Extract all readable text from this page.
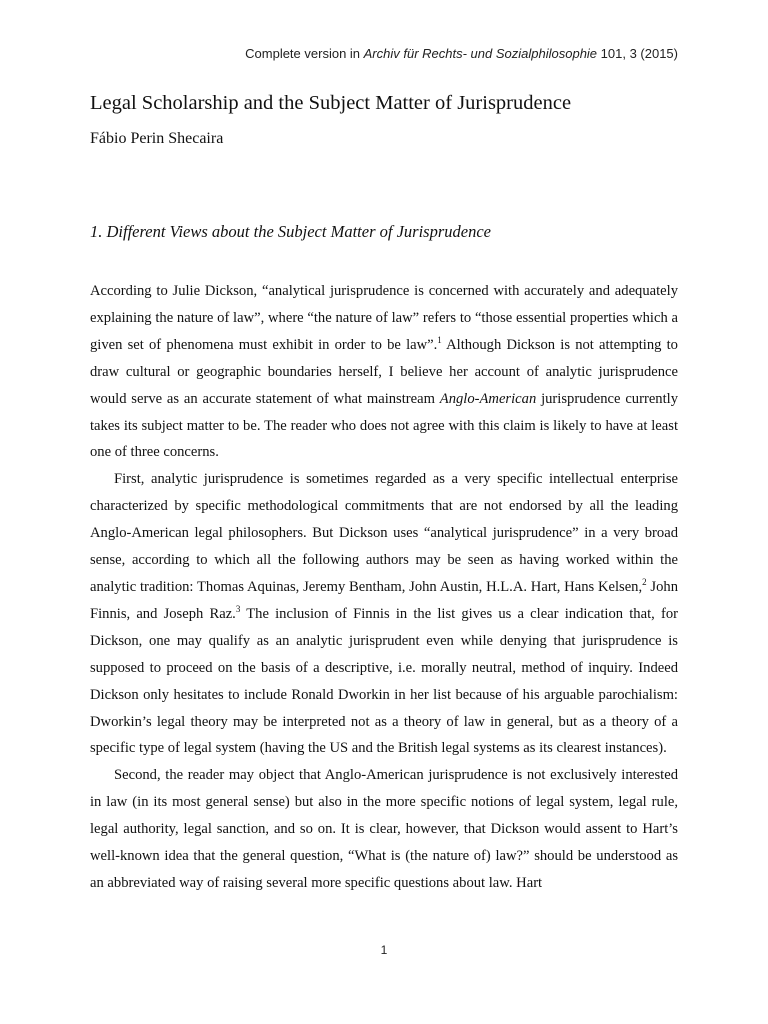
Complete version in Archiv für Rechts- und Sozialphilosophie 101, 3 (2015)
Legal Scholarship and the Subject Matter of Jurisprudence

Fábio Perin Shecaira

1. Different Views about the Subject Matter of Jurisprudence

According to Julie Dickson, “analytical jurisprudence is concerned with accurately and adequately explaining the nature of law”, where “the nature of law” refers to “those essential properties which a given set of phenomena must exhibit in order to be law”.$^1$ Although Dickson is not attempting to draw cultural or geographic boundaries herself, I believe her account of analytic jurisprudence would serve as an accurate statement of what mainstream Anglo-American jurisprudence currently takes its subject matter to be. The reader who does not agree with this claim is likely to have at least one of three concerns.

First, analytic jurisprudence is sometimes regarded as a very specific intellectual enterprise characterized by specific methodological commitments that are not endorsed by all the leading Anglo-American legal philosophers. But Dickson uses “analytical jurisprudence” in a very broad sense, according to which all the following authors may be seen as having worked within the analytic tradition: Thomas Aquinas, Jeremy Bentham, John Austin, H.L.A. Hart, Hans Kelsen,$^2$ John Finnis, and Joseph Raz.$^3$ The inclusion of Finnis in the list gives us a clear indication that, for Dickson, one may qualify as an analytic jurisprudent even while denying that jurisprudence is supposed to proceed on the basis of a descriptive, i.e. morally neutral, method of inquiry. Indeed Dickson only hesitates to include Ronald Dworkin in her list because of his arguable parochialism: Dworkin’s legal theory may be interpreted not as a theory of law in general, but as a theory of a specific type of legal system (having the US and the British legal systems as its clearest instances).

Second, the reader may object that Anglo-American jurisprudence is not exclusively interested in law (in its most general sense) but also in the more specific notions of legal system, legal rule, legal authority, legal sanction, and so on. It is clear, however, that Dickson would assent to Hart’s well-known idea that the general question, “What is (the nature of) law?” should be understood as an abbreviated way of raising several more specific questions about law. Hart

1
